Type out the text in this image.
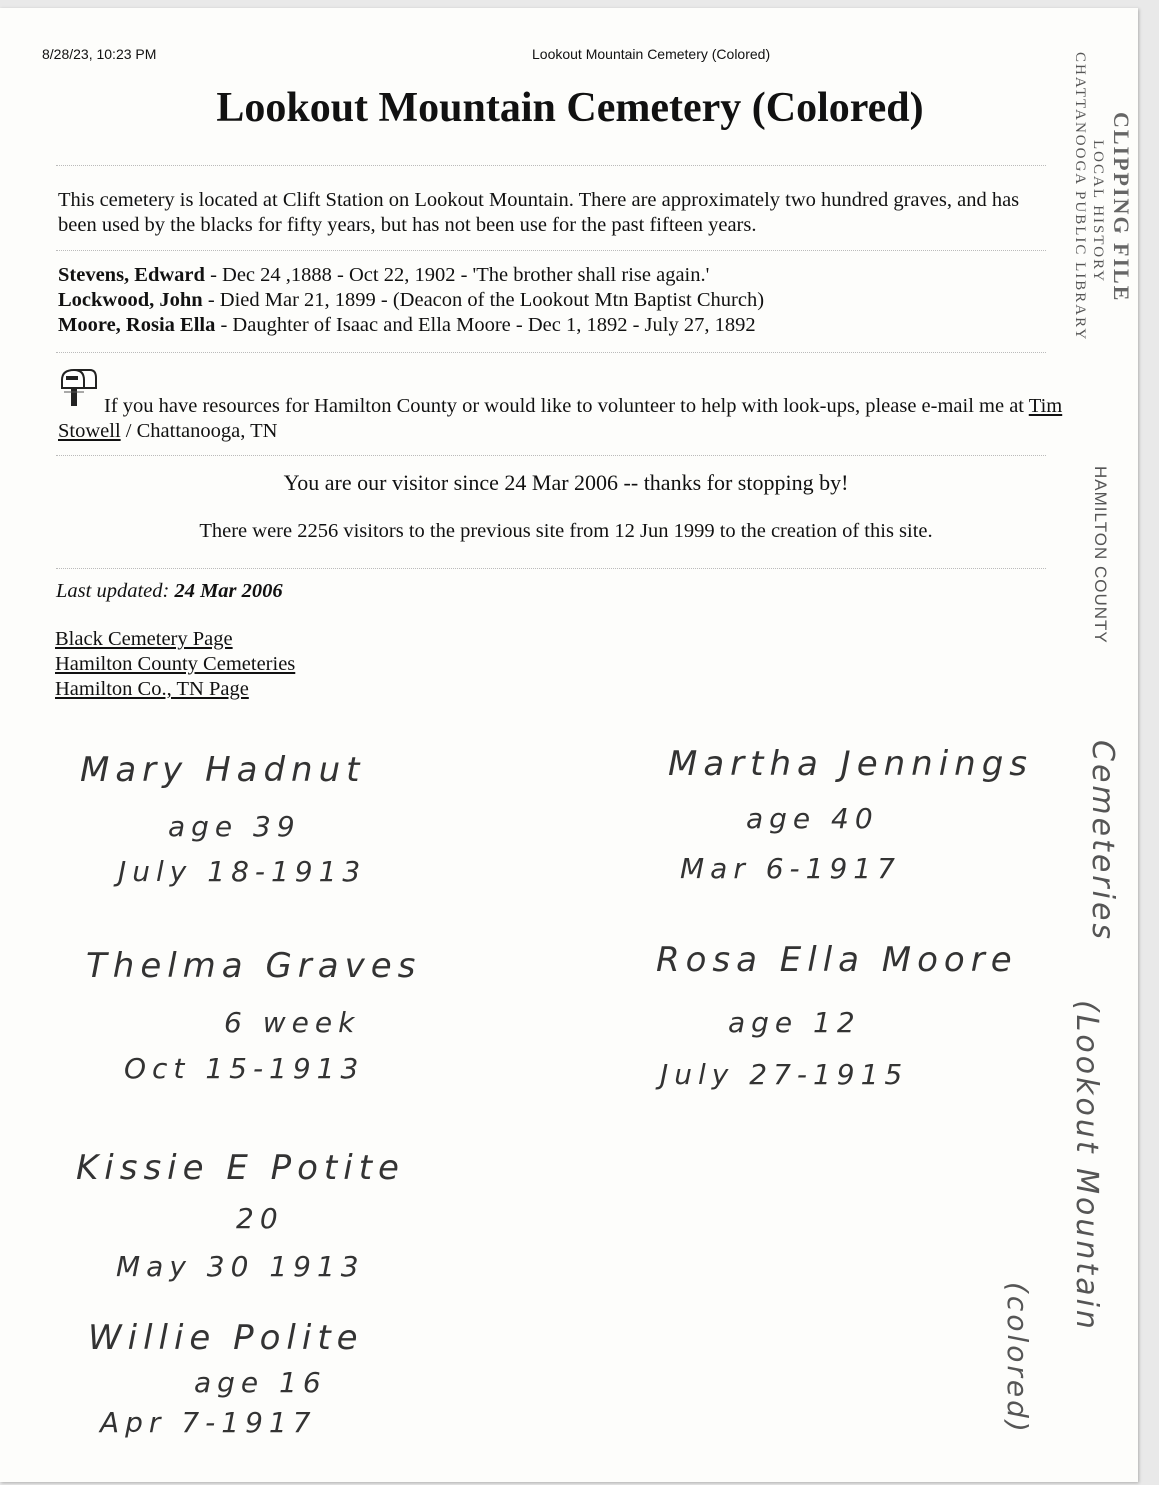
8/28/23, 10:23 PM	Lookout Mountain Cemetery (Colored)
Lookout Mountain Cemetery (Colored)
This cemetery is located at Clift Station on Lookout Mountain. There are approximately two hundred graves, and has been used by the blacks for fifty years, but has not been use for the past fifteen years.
Stevens, Edward - Dec 24 ,1888 - Oct 22, 1902 - 'The brother shall rise again.'
Lockwood, John - Died Mar 21, 1899 - (Deacon of the Lookout Mtn Baptist Church)
Moore, Rosia Ella - Daughter of Isaac and Ella Moore - Dec 1, 1892 - July 27, 1892
If you have resources for Hamilton County or would like to volunteer to help with look-ups, please e-mail me at Tim Stowell / Chattanooga, TN
You are our visitor since 24 Mar 2006 -- thanks for stopping by!
There were 2256 visitors to the previous site from 12 Jun 1999 to the creation of this site.
Last updated: 24 Mar 2006
Black Cemetery Page
Hamilton County Cemeteries
Hamilton Co., TN Page
CLIPPING FILE
LOCAL HISTORY
CHATTANOOGA PUBLIC LIBRARY
HAMILTON COUNTY
Cemeteries
(Lookout Mountain
(colored)
Mary Hadnut
age 39
July 18-1913
Thelma Graves
6 week
Oct 15-1913
Kissie E Potite
20
May 30 1913
Willie Polite
age 16
Apr 7-1917
Martha Jennings
age 40
Mar 6-1917
Rosa Ella Moore
age 12
July 27-1915
